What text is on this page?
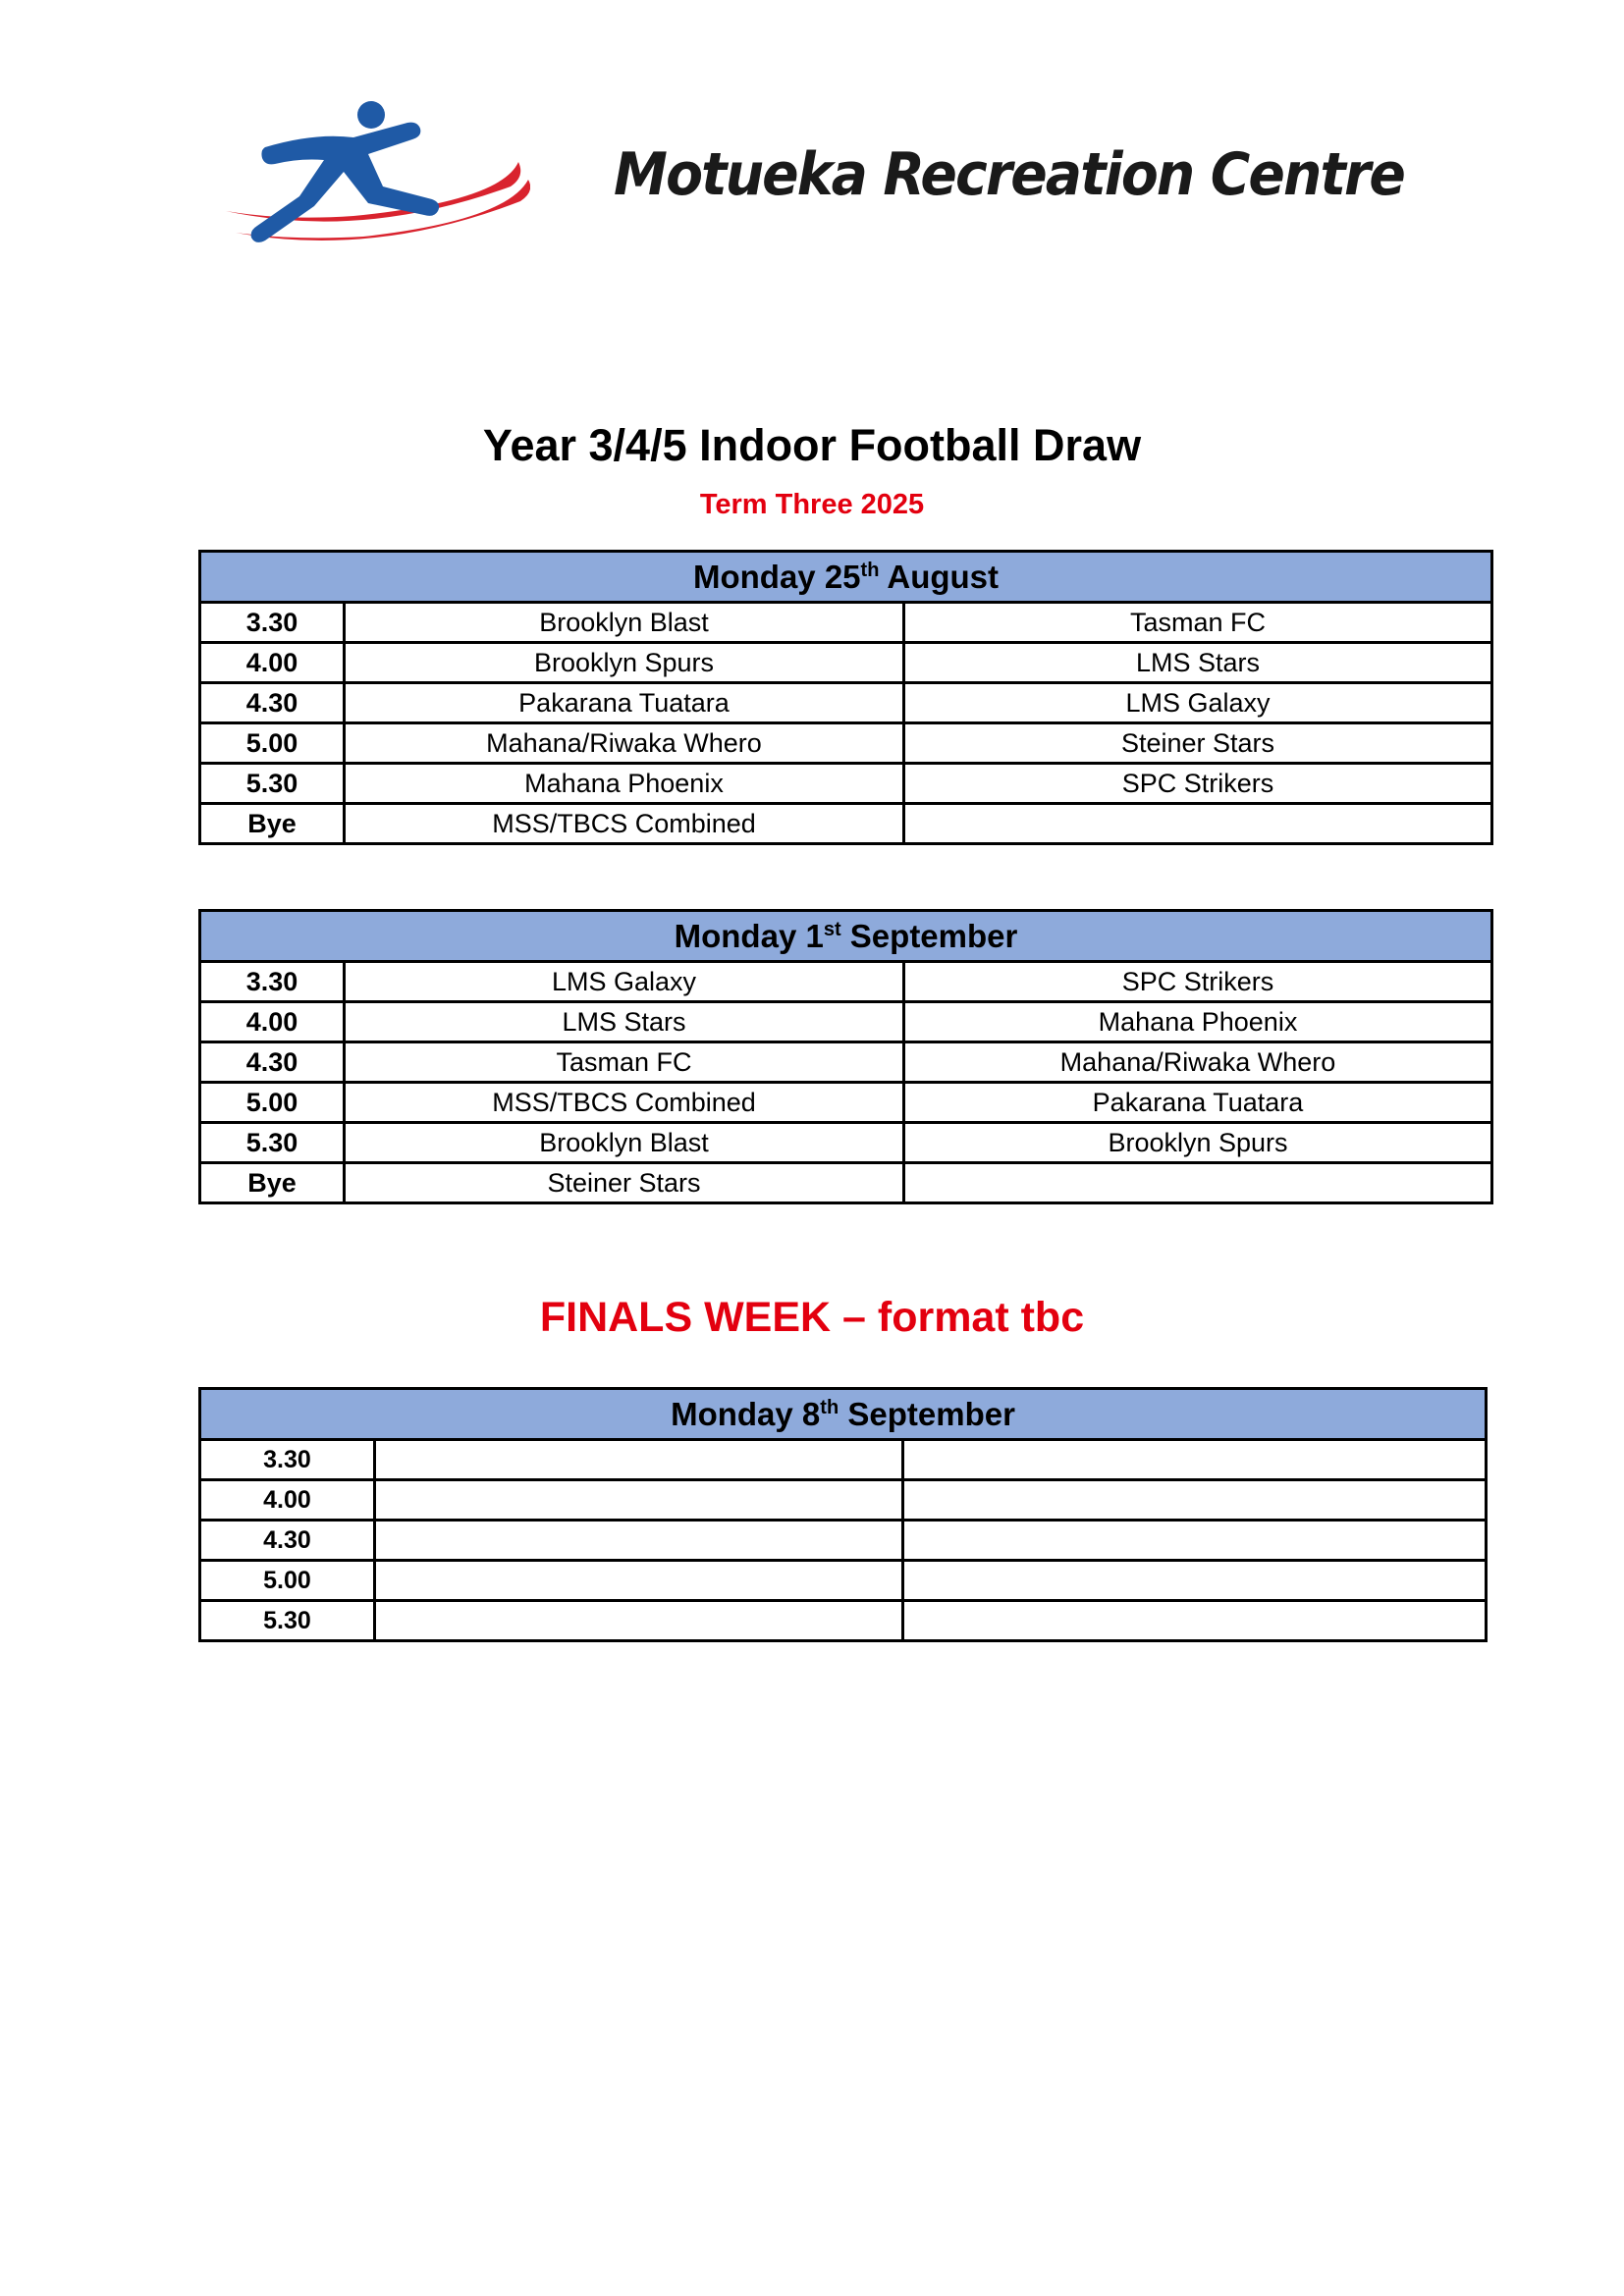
Motueka Recreation Centre
Year 3/4/5 Indoor Football Draw
Term Three 2025
Monday 25th August		
3.30	Brooklyn Blast	Tasman FC
4.00	Brooklyn Spurs	LMS Stars
4.30	Pakarana Tuatara	LMS Galaxy
5.00	Mahana/Riwaka Whero	Steiner Stars
5.30	Mahana Phoenix	SPC Strikers
Bye	MSS/TBCS Combined	
Monday 1st September		
3.30	LMS Galaxy	SPC Strikers
4.00	LMS Stars	Mahana Phoenix
4.30	Tasman FC	Mahana/Riwaka Whero
5.00	MSS/TBCS Combined	Pakarana Tuatara
5.30	Brooklyn Blast	Brooklyn Spurs
Bye	Steiner Stars	
FINALS WEEK – format tbc
Monday 8th September		
3.30		
4.00		
4.30		
5.00		
5.30		
